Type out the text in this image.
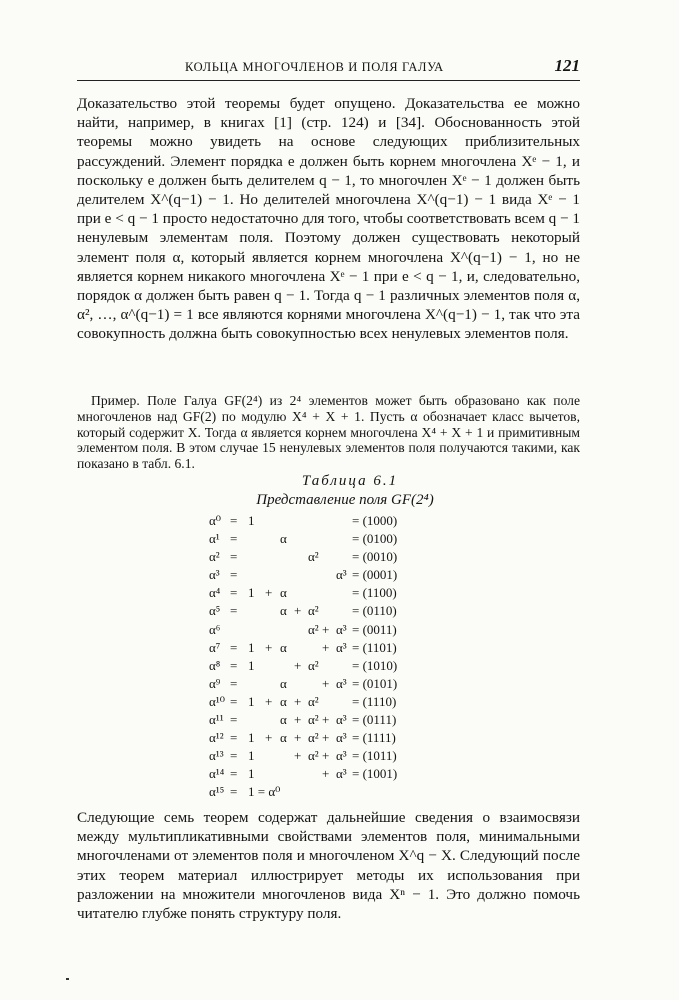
КОЛЬЦА МНОГОЧЛЕНОВ И ПОЛЯ ГАЛУА	121

Доказательство этой теоремы будет опущено. Доказательства ее можно найти, например, в книгах [1] (стр. 124) и [34]. Обоснованность этой теоремы можно увидеть на основе следующих приблизительных рассуждений. Элемент порядка e должен быть корнем многочлена Xᵉ − 1, и поскольку e должен быть делителем q − 1, то многочлен Xᵉ − 1 должен быть делителем X^(q−1) − 1. Но делителей многочлена X^(q−1) − 1 вида Xᵉ − 1 при e < q − 1 просто недостаточно для того, чтобы соответствовать всем q − 1 ненулевым элементам поля. Поэтому должен существовать некоторый элемент поля α, который является корнем многочлена X^(q−1) − 1, но не является корнем никакого многочлена Xᵉ − 1 при e < q − 1, и, следовательно, порядок α должен быть равен q − 1. Тогда q − 1 различных элементов поля α, α², …, α^(q−1) = 1 все являются корнями многочлена X^(q−1) − 1, так что эта совокупность должна быть совокупностью всех ненулевых элементов поля.

Пример. Поле Галуа GF(2⁴) из 2⁴ элементов может быть образовано как поле многочленов над GF(2) по модулю X⁴ + X + 1. Пусть α обозначает класс вычетов, который содержит X. Тогда α является корнем многочлена X⁴ + X + 1 и примитивным элементом поля. В этом случае 15 ненулевых элементов поля получаются такими, как показано в табл. 6.1.

Таблица 6.1
Представление поля GF(2⁴)
α⁰ = 1	= (1000)
α¹ =	α	= (0100)
α² =	α²	= (0010)
α³ =	α³ = (0001)
α⁴ = 1 + α	= (1100)
α⁵ =	α + α²	= (0110)
α⁶	α² + α³ = (0011)
α⁷ = 1 + α	+ α³ = (1101)
α⁸ = 1	+ α²	= (1010)
α⁹ =	α	+ α³ = (0101)
α¹⁰ = 1 + α + α²	= (1110)
α¹¹ =	α + α² + α³ = (0111)
α¹² = 1 + α + α² + α³ = (1111)
α¹³ = 1	+ α² + α³ = (1011)
α¹⁴ = 1	+ α³ = (1001)
α¹⁵ = 1 = α⁰

Следующие семь теорем содержат дальнейшие сведения о взаимосвязи между мультипликативными свойствами элементов поля, минимальными многочленами от элементов поля и многочленом X^q − X. Следующий после этих теорем материал иллюстрирует методы их использования при разложении на множители многочленов вида Xⁿ − 1. Это должно помочь читателю глубже понять структуру поля.
